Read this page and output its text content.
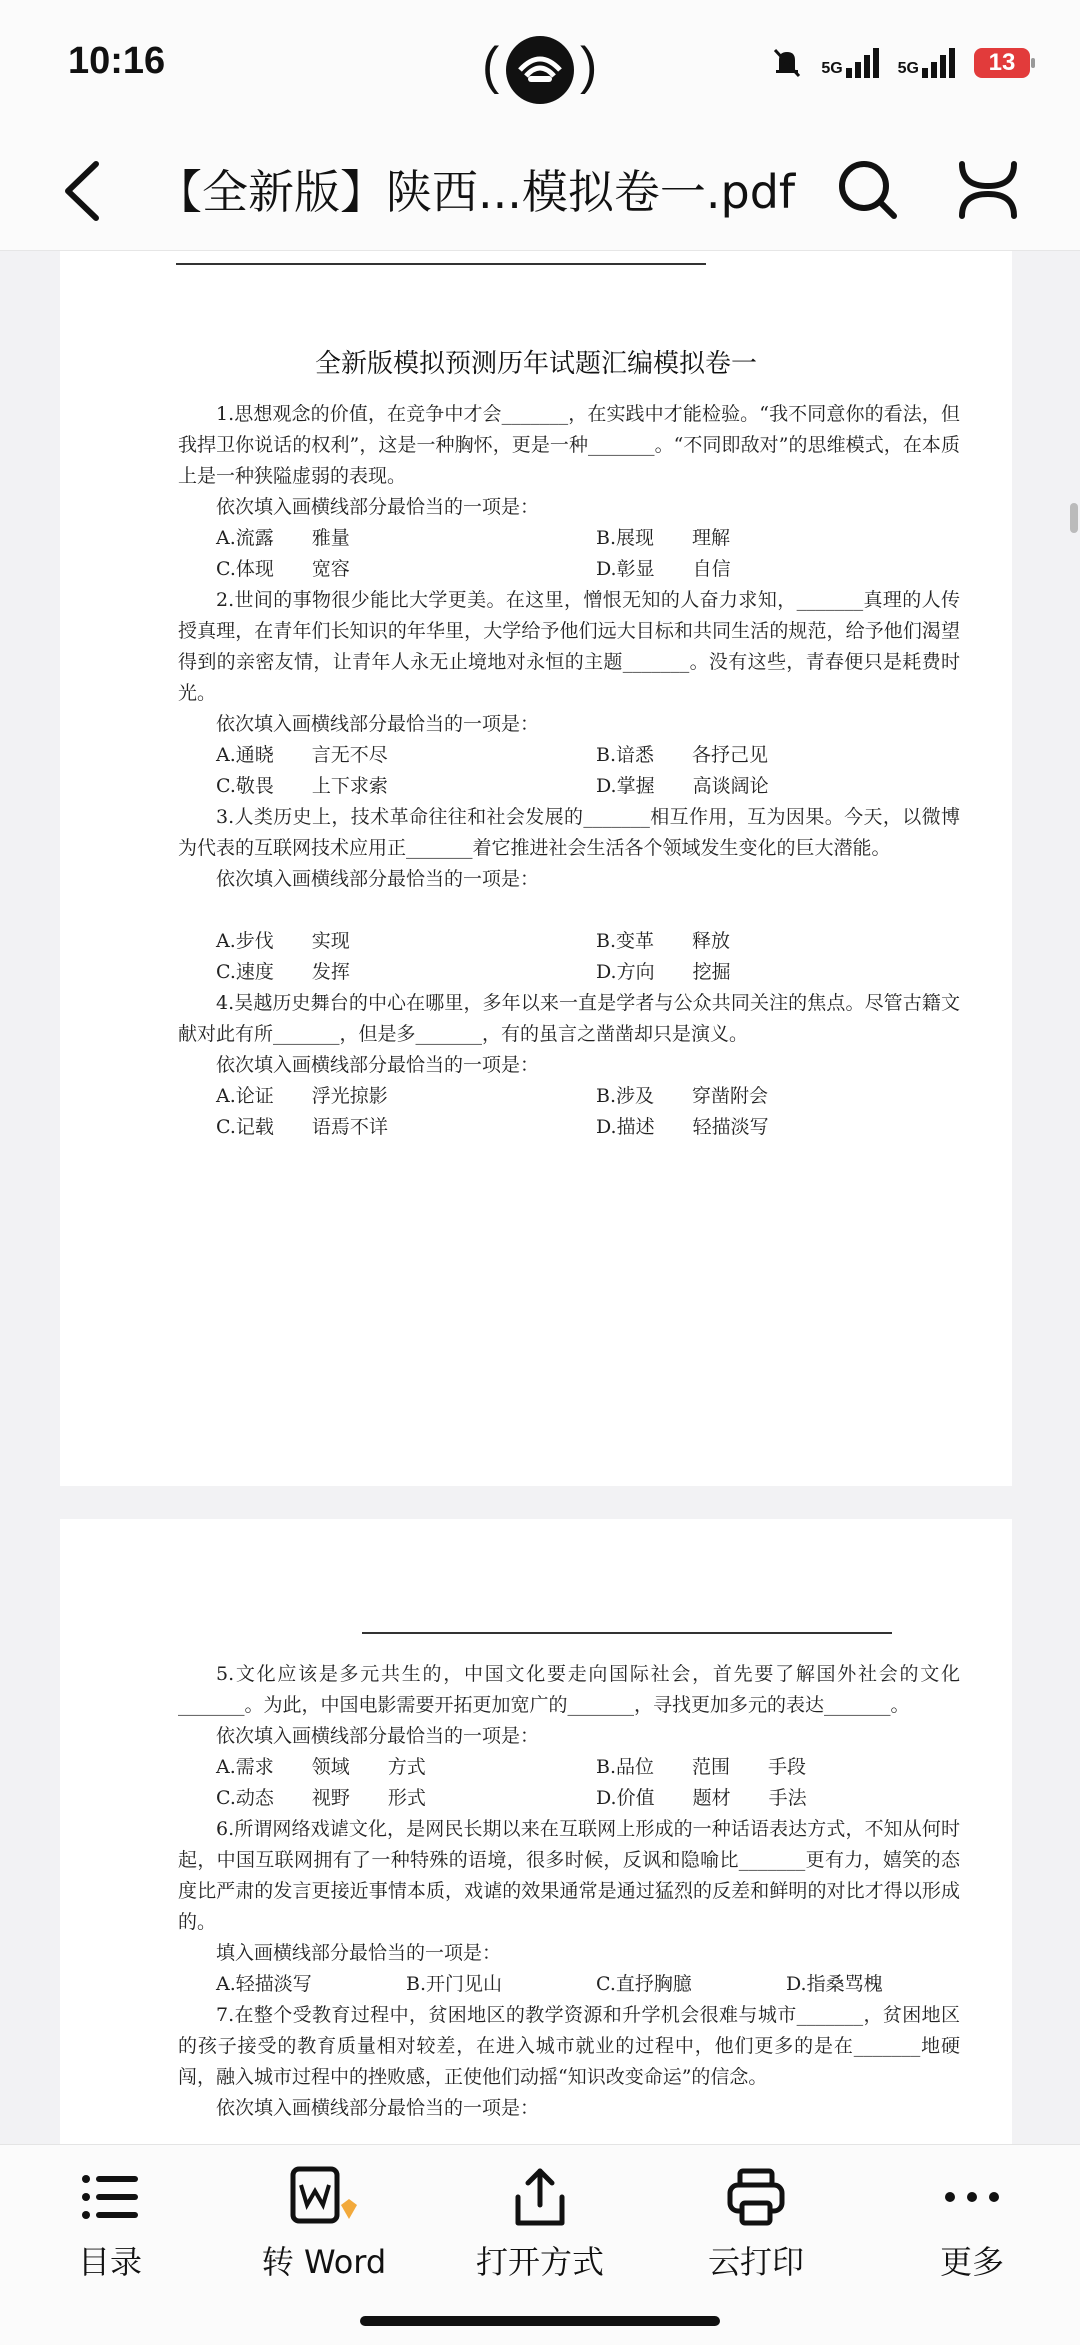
10:16	( )	5G	5G	13
【全新版】陕西...模拟卷一.pdf
全新版模拟预测历年试题汇编模拟卷一

1.思想观念的价值，在竞争中才会_______，在实践中才能检验。“我不同意你的看法，但我捍卫你说话的权利”，这是一种胸怀，更是一种_______。“不同即敌对”的思维模式，在本质上是一种狭隘虚弱的表现。

依次填入画横线部分最恰当的一项是：

A.流露　　雅量	B.展现　　理解
C.体现　　宽容	D.彰显　　自信

2.世间的事物很少能比大学更美。在这里，憎恨无知的人奋力求知，_______真理的人传授真理，在青年们长知识的年华里，大学给予他们远大目标和共同生活的规范，给予他们渴望得到的亲密友情，让青年人永无止境地对永恒的主题_______。没有这些，青春便只是耗费时光。

依次填入画横线部分最恰当的一项是：

A.通晓　　言无不尽	B.谙悉　　各抒己见
C.敬畏　　上下求索	D.掌握　　高谈阔论

3.人类历史上，技术革命往往和社会发展的_______相互作用，互为因果。今天，以微博为代表的互联网技术应用正_______着它推进社会生活各个领域发生变化的巨大潜能。

依次填入画横线部分最恰当的一项是：

A.步伐　　实现	B.变革　　释放
C.速度　　发挥	D.方向　　挖掘

4.吴越历史舞台的中心在哪里，多年以来一直是学者与公众共同关注的焦点。尽管古籍文献对此有所_______，但是多_______，有的虽言之凿凿却只是演义。

依次填入画横线部分最恰当的一项是：

A.论证　　浮光掠影	B.涉及　　穿凿附会
C.记载　　语焉不详	D.描述　　轻描淡写

5.文化应该是多元共生的，中国文化要走向国际社会，首先要了解国外社会的文化_______。为此，中国电影需要开拓更加宽广的_______，寻找更加多元的表达_______。

依次填入画横线部分最恰当的一项是：

A.需求　　领域　　方式	B.品位　　范围　　手段
C.动态　　视野　　形式	D.价值　　题材　　手法

6.所谓网络戏谑文化，是网民长期以来在互联网上形成的一种话语表达方式，不知从何时起，中国互联网拥有了一种特殊的语境，很多时候，反讽和隐喻比_______更有力，嬉笑的态度比严肃的发言更接近事情本质，戏谑的效果通常是通过猛烈的反差和鲜明的对比才得以形成的。

填入画横线部分最恰当的一项是：

A.轻描淡写	B.开门见山	C.直抒胸臆	D.指桑骂槐

7.在整个受教育过程中，贫困地区的教学资源和升学机会很难与城市_______，贫困地区的孩子接受的教育质量相对较差，在进入城市就业的过程中，他们更多的是在_______地硬闯，融入城市过程中的挫败感，正使他们动摇“知识改变命运”的信念。

依次填入画横线部分最恰当的一项是：

目录	转 Word	打开方式	云打印	更多
